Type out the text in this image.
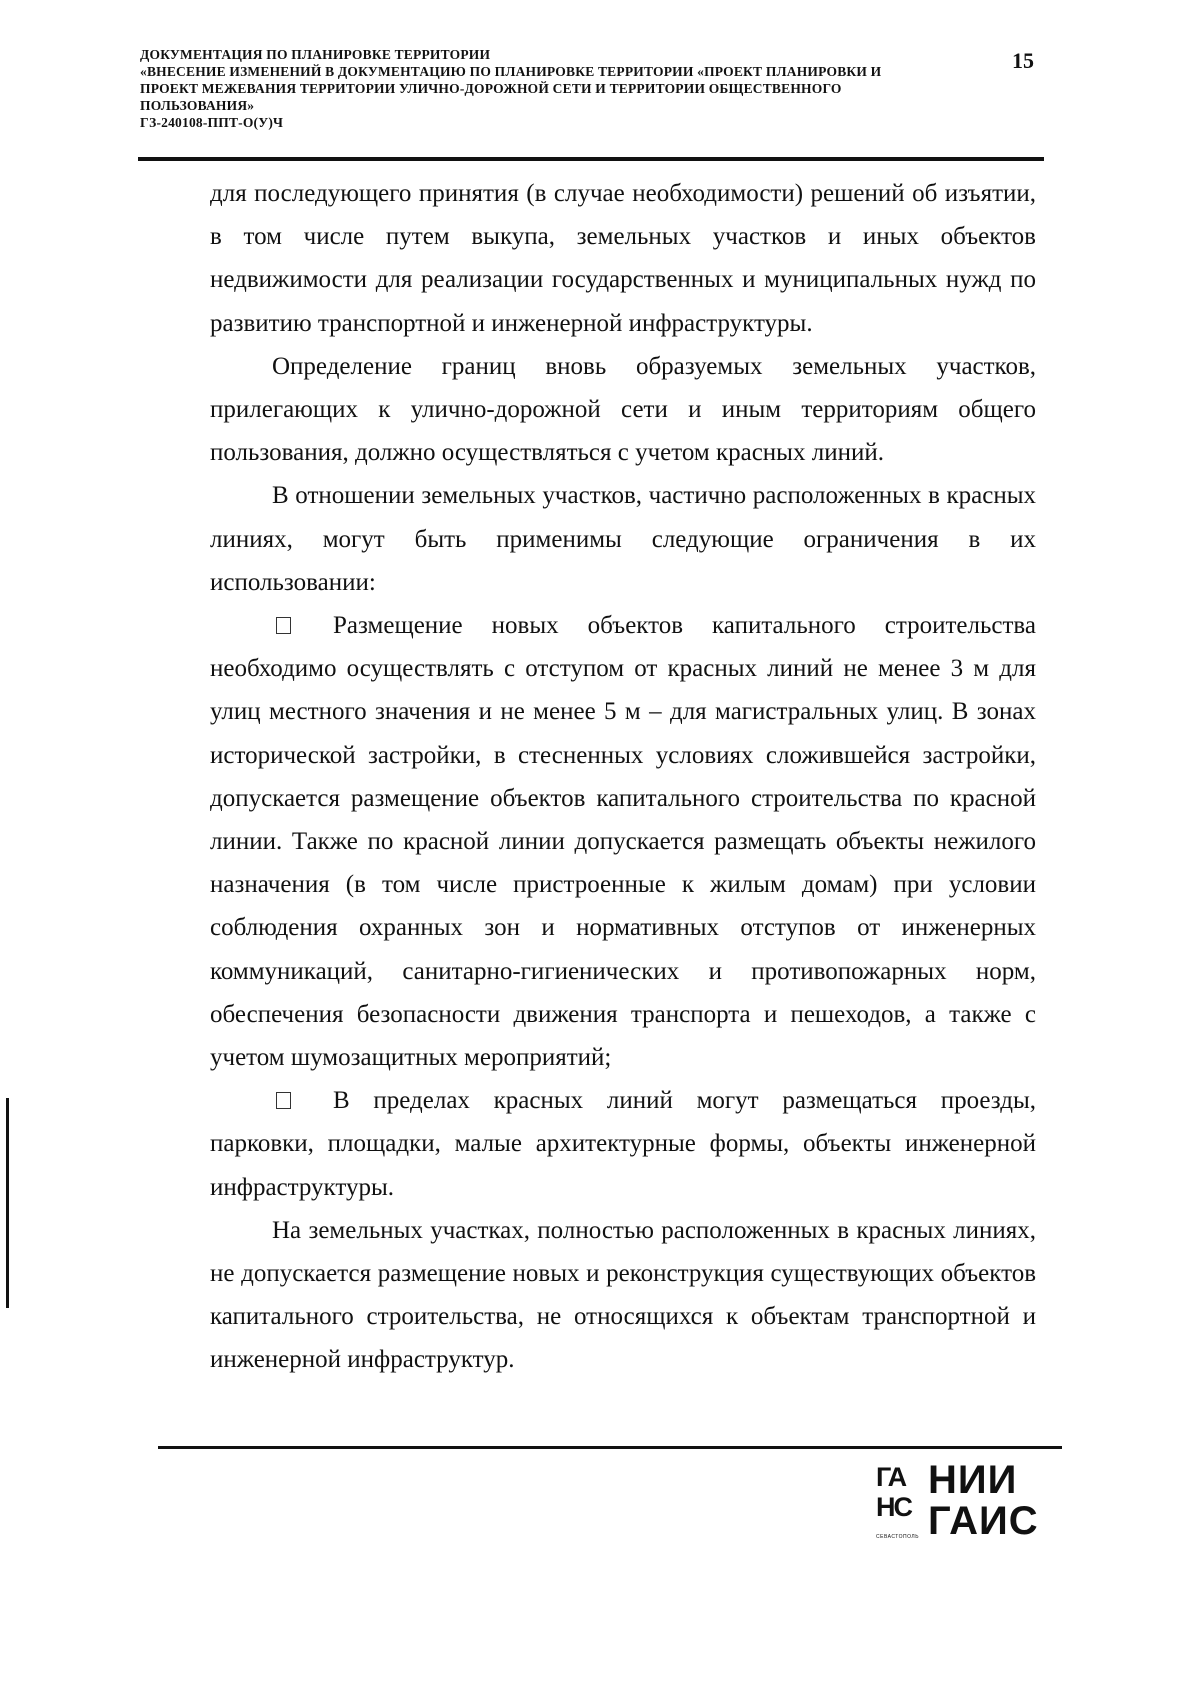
ДОКУМЕНТАЦИЯ ПО ПЛАНИРОВКЕ ТЕРРИТОРИИ
«ВНЕСЕНИЕ ИЗМЕНЕНИЙ В ДОКУМЕНТАЦИЮ ПО ПЛАНИРОВКЕ ТЕРРИТОРИИ «ПРОЕКТ ПЛАНИРОВКИ И
ПРОЕКТ МЕЖЕВАНИЯ ТЕРРИТОРИИ УЛИЧНО-ДОРОЖНОЙ СЕТИ И ТЕРРИТОРИИ ОБЩЕСТВЕННОГО
ПОЛЬЗОВАНИЯ»
ГЗ-240108-ППТ-О(У)Ч
15

для последующего принятия (в случае необходимости) решений об изъятии, в том числе путем выкупа, земельных участков и иных объектов недвижимости для реализации государственных и муниципальных нужд по развитию транспортной и инженерной инфраструктуры.

Определение границ вновь образуемых земельных участков, прилегающих к улично-дорожной сети и иным территориям общего пользования, должно осуществляться с учетом красных линий.

В отношении земельных участков, частично расположенных в красных линиях, могут быть применимы следующие ограничения в их использовании:

Размещение новых объектов капитального строительства необходимо осуществлять с отступом от красных линий не менее 3 м для улиц местного значения и не менее 5 м – для магистральных улиц. В зонах исторической застройки, в стесненных условиях сложившейся застройки, допускается размещение объектов капитального строительства по красной линии. Также по красной линии допускается размещать объекты нежилого назначения (в том числе пристроенные к жилым домам) при условии соблюдения охранных зон и нормативных отступов от инженерных коммуникаций, санитарно-гигиенических и противопожарных норм, обеспечения безопасности движения транспорта и пешеходов, а также с учетом шумозащитных мероприятий;

В пределах красных линий могут размещаться проезды, парковки, площадки, малые архитектурные формы, объекты инженерной инфраструктуры.

На земельных участках, полностью расположенных в красных линиях, не допускается размещение новых и реконструкция существующих объектов капитального строительства, не относящихся к объектам транспортной и инженерной инфраструктур.

ГА
НС
СЕВАСТОПОЛЬ
НИИ
ГАИС
